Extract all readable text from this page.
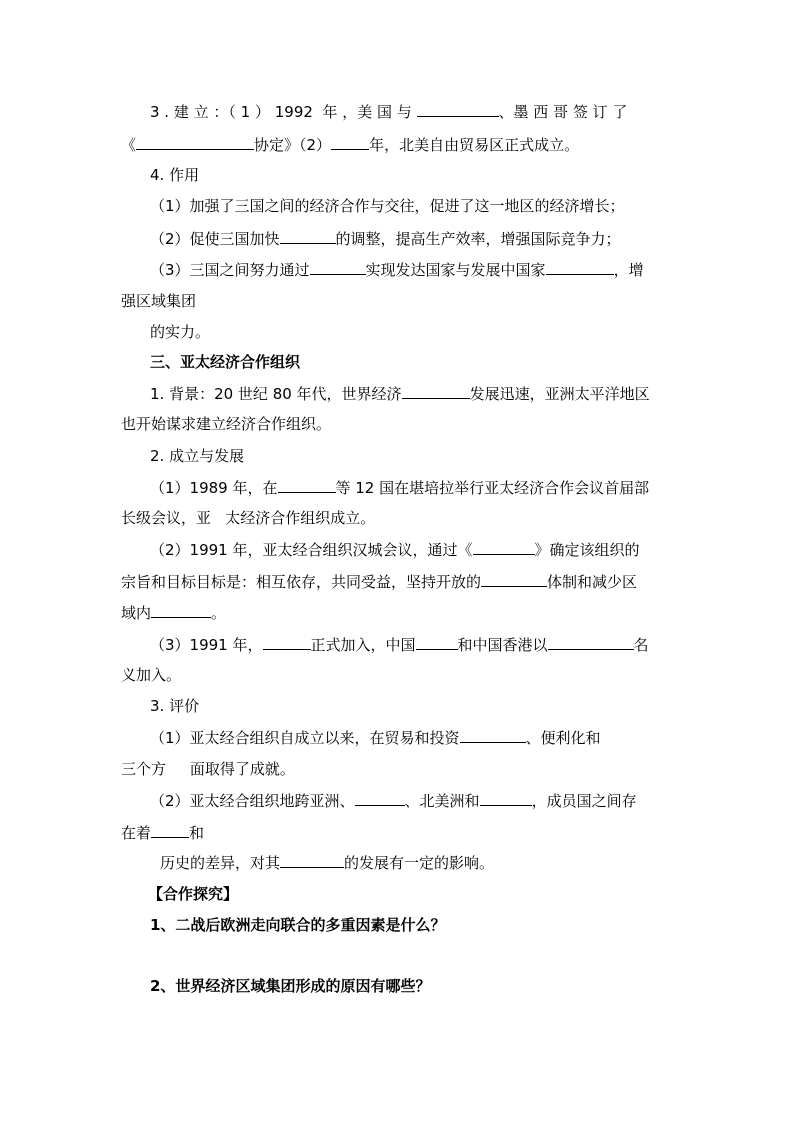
3 . 建 立 ：（ 1 ） 1992  年 ，美 国 与	、墨 西 哥 签 订 了
《	协定》（2）	年，北美自由贸易区正式成立。
4. 作用
（1）加强了三国之间的经济合作与交往，促进了这一地区的经济增长；
（2）促使三国加快	的调整，提高生产效率，增强国际竞争力；
（3）三国之间努力通过	实现发达国家与发展中国家	，增
强区域集团
的实力。
三、亚太经济合作组织
1. 背景：20 世纪 80 年代，世界经济	发展迅速，亚洲太平洋地区
也开始谋求建立经济合作组织。
2. 成立与发展
（1）1989 年，在	等 12 国在堪培拉举行亚太经济合作会议首届部
长级会议，亚   太经济合作组织成立。
（2）1991 年，亚太经合组织汉城会议，通过《	》确定该组织的
宗旨和目标目标是：相互依存，共同受益，坚持开放的	体制和减少区
域内	。
（3）1991 年，	正式加入，中国	和中国香港以	名
义加入。
3. 评价
（1）亚太经合组织自成立以来，在贸易和投资	、便利化和
三个方     面取得了成就。
（2）亚太经合组织地跨亚洲、	、北美洲和	，成员国之间存
在着	和
历史的差异，对其	的发展有一定的影响。
【合作探究】
1、二战后欧洲走向联合的多重因素是什么？
2、世界经济区域集团形成的原因有哪些？
